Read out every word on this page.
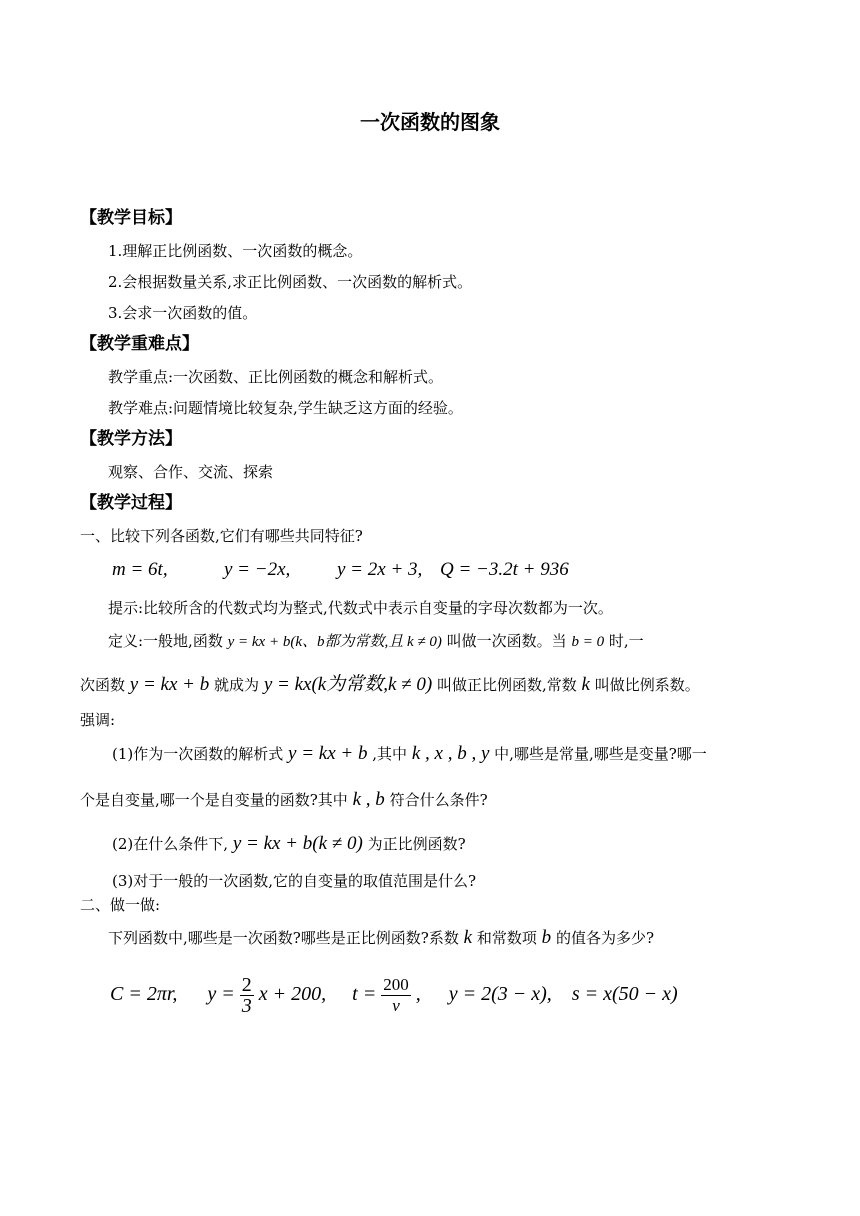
一次函数的图象
【教学目标】
1.理解正比例函数、一次函数的概念。
2.会根据数量关系,求正比例函数、一次函数的解析式。
3.会求一次函数的值。
【教学重难点】
教学重点:一次函数、正比例函数的概念和解析式。
教学难点:问题情境比较复杂,学生缺乏这方面的经验。
【教学方法】
观察、合作、交流、探索
【教学过程】
一、比较下列各函数,它们有哪些共同特征?
m = 6t,	y = −2x, y = 2x + 3, Q = −3.2t + 936
提示:比较所含的代数式均为整式,代数式中表示自变量的字母次数都为一次。
定义:一般地,函数 y = kx + b(k、b都为常数,且 k ≠ 0) 叫做一次函数。当 b = 0 时,一
次函数 y = kx + b 就成为 y = kx(k为常数,k ≠ 0) 叫做正比例函数,常数 k 叫做比例系数。
强调:
(1)作为一次函数的解析式 y = kx + b ,其中 k , x , b , y 中,哪些是常量,哪些是变量?哪一
个是自变量,哪一个是自变量的函数?其中 k , b 符合什么条件?
(2)在什么条件下, y = kx + b(k ≠ 0) 为正比例函数?
(3)对于一般的一次函数,它的自变量的取值范围是什么?
二、做一做:
下列函数中,哪些是一次函数?哪些是正比例函数?系数 k 和常数项 b 的值各为多少?
C = 2πr, $y = \frac{2}{3}$ x + 200, $t = \frac{200}{v}$ , y = 2(3 − x), s = x(50 − x)
